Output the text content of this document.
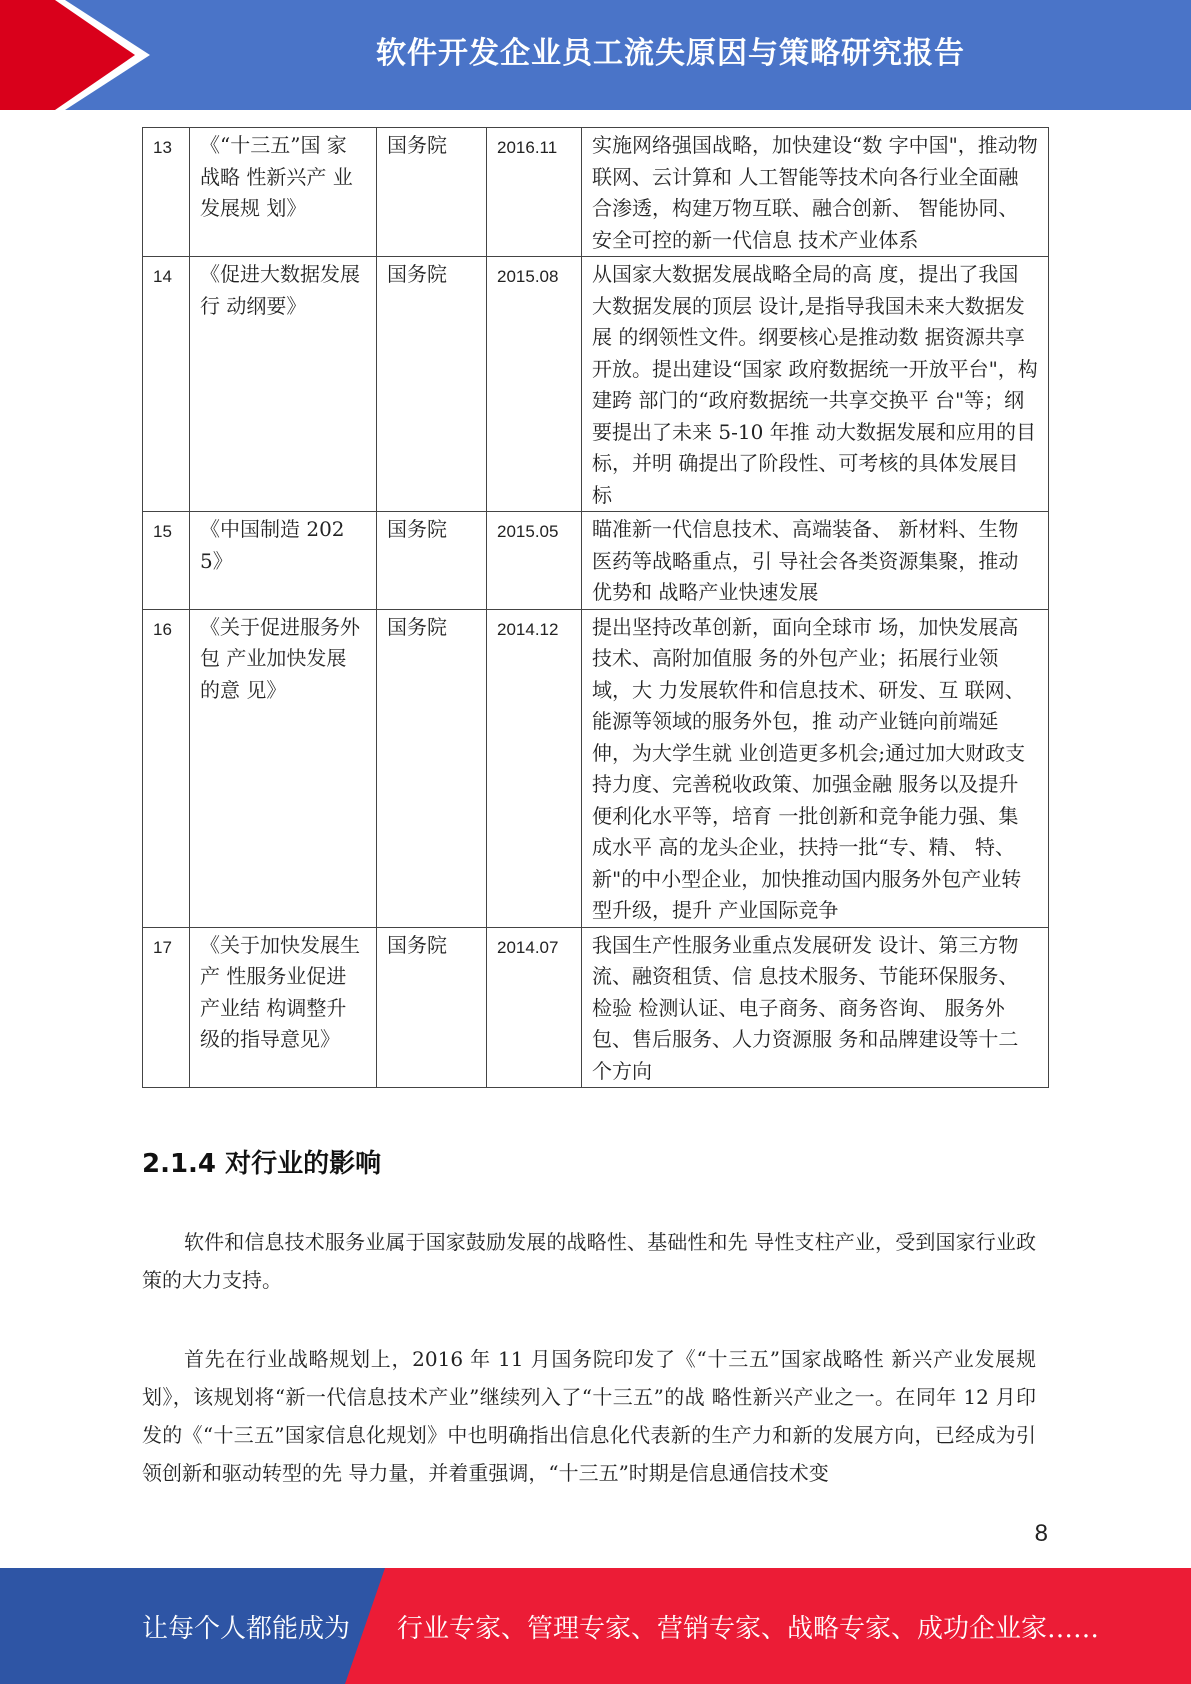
软件开发企业员工流失原因与策略研究报告
13	《“十三五”国 家战略 性新兴产 业发展规 划》	国务院	2016.11	实施网络强国战略，加快建设“数 字中国"，推动物联网、云计算和 人工智能等技术向各行业全面融合渗透，构建万物互联、融合创新、 智能协同、安全可控的新一代信息 技术产业体系
14	《促进大数据发展行 动纲要》	国务院	2015.08	从国家大数据发展战略全局的高 度，提出了我国大数据发展的顶层 设计,是指导我国未来大数据发展 的纲领性文件。纲要核心是推动数 据资源共享开放。提出建设“国家 政府数据统一开放平台"，构建跨 部门的“政府数据统一共享交换平 台"等；纲要提出了未来 5-10 年推 动大数据发展和应用的目标，并明 确提出了阶段性、可考核的具体发展目标
15	《中国制造 2025》	国务院	2015.05	瞄准新一代信息技术、高端装备、 新材料、生物医药等战略重点，引 导社会各类资源集聚，推动优势和 战略产业快速发展
16	《关于促进服务外包 产业加快发展的意 见》	国务院	2014.12	提出坚持改革创新，面向全球市 场，加快发展高技术、高附加值服 务的外包产业；拓展行业领域，大 力发展软件和信息技术、研发、互 联网、能源等领域的服务外包，推 动产业链向前端延伸，为大学生就 业创造更多机会;通过加大财政支 持力度、完善税收政策、加强金融 服务以及提升便利化水平等，培育 一批创新和竞争能力强、集成水平 高的龙头企业，扶持一批“专、精、 特、新"的中小型企业，加快推动国内服务外包产业转型升级，提升 产业国际竞争
17	《关于加快发展生产 性服务业促进产业结 构调整升级的指导意见》	国务院	2014.07	我国生产性服务业重点发展研发 设计、第三方物流、融资租赁、信 息技术服务、节能环保服务、检验 检测认证、电子商务、商务咨询、 服务外包、售后服务、人力资源服 务和品牌建设等十二个方向
2.1.4 对行业的影响

软件和信息技术服务业属于国家鼓励发展的战略性、基础性和先 导性支柱产业，受到国家行业政策的大力支持。

首先在行业战略规划上，2016 年 11 月国务院印发了《“十三五”国家战略性 新兴产业发展规划》，该规划将“新一代信息技术产业”继续列入了“十三五”的战 略性新兴产业之一。在同年 12 月印发的《“十三五”国家信息化规划》中也明确指出信息化代表新的生产力和新的发展方向，已经成为引领创新和驱动转型的先 导力量，并着重强调，“十三五”时期是信息通信技术变

8
让每个人都能成为 行业专家、管理专家、营销专家、战略专家、成功企业家……
